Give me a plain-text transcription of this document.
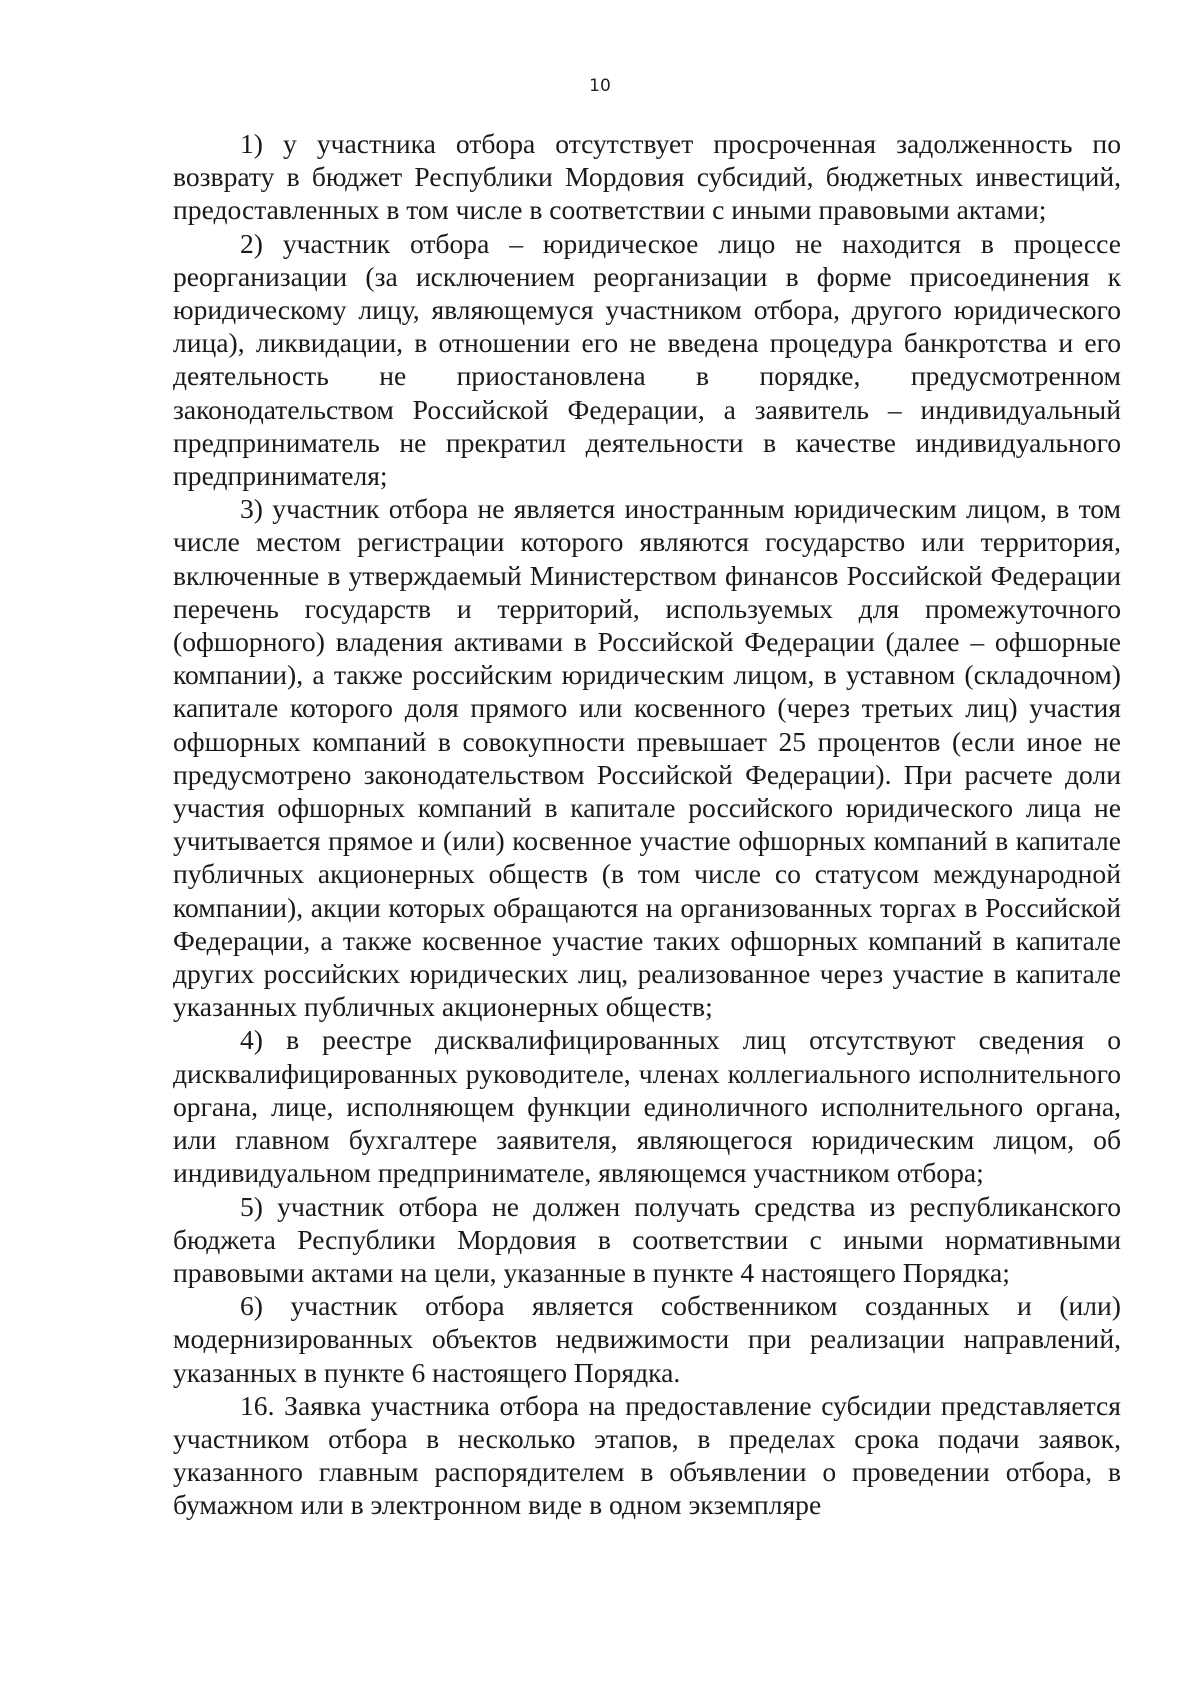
10

1) у участника отбора отсутствует просроченная задолженность по возврату в бюджет Республики Мордовия субсидий, бюджетных инвестиций, предоставленных в том числе в соответствии с иными правовыми актами;

2) участник отбора – юридическое лицо не находится в процессе реорганизации (за исключением реорганизации в форме присоединения к юридическому лицу, являющемуся участником отбора, другого юридического лица), ликвидации, в отношении его не введена процедура банкротства и его деятельность не приостановлена в порядке, предусмотренном законодательством Российской Федерации, а заявитель – индивидуальный предприниматель не прекратил деятельности в качестве индивидуального предпринимателя;

3) участник отбора не является иностранным юридическим лицом, в том числе местом регистрации которого являются государство или территория, включенные в утверждаемый Министерством финансов Российской Федерации перечень государств и территорий, используемых для промежуточного (офшорного) владения активами в Российской Федерации (далее – офшорные компании), а также российским юридическим лицом, в уставном (складочном) капитале которого доля прямого или косвенного (через третьих лиц) участия офшорных компаний в совокупности превышает 25 процентов (если иное не предусмотрено законодательством Российской Федерации). При расчете доли участия офшорных компаний в капитале российского юридического лица не учитывается прямое и (или) косвенное участие офшорных компаний в капитале публичных акционерных обществ (в том числе со статусом международной компании), акции которых обращаются на организованных торгах в Российской Федерации, а также косвенное участие таких офшорных компаний в капитале других российских юридических лиц, реализованное через участие в капитале указанных публичных акционерных обществ;

4) в реестре дисквалифицированных лиц отсутствуют сведения о дисквалифицированных руководителе, членах коллегиального исполнительного органа, лице, исполняющем функции единоличного исполнительного органа, или главном бухгалтере заявителя, являющегося юридическим лицом, об индивидуальном предпринимателе, являющемся участником отбора;

5) участник отбора не должен получать средства из республиканского бюджета Республики Мордовия в соответствии с иными нормативными правовыми актами на цели, указанные в пункте 4 настоящего Порядка;

6) участник отбора является собственником созданных и (или) модернизированных объектов недвижимости при реализации направлений, указанных в пункте 6 настоящего Порядка.

16. Заявка участника отбора на предоставление субсидии представляется участником отбора в несколько этапов, в пределах срока подачи заявок, указанного главным распорядителем в объявлении о проведении отбора, в бумажном или в электронном виде в одном экземпляре
